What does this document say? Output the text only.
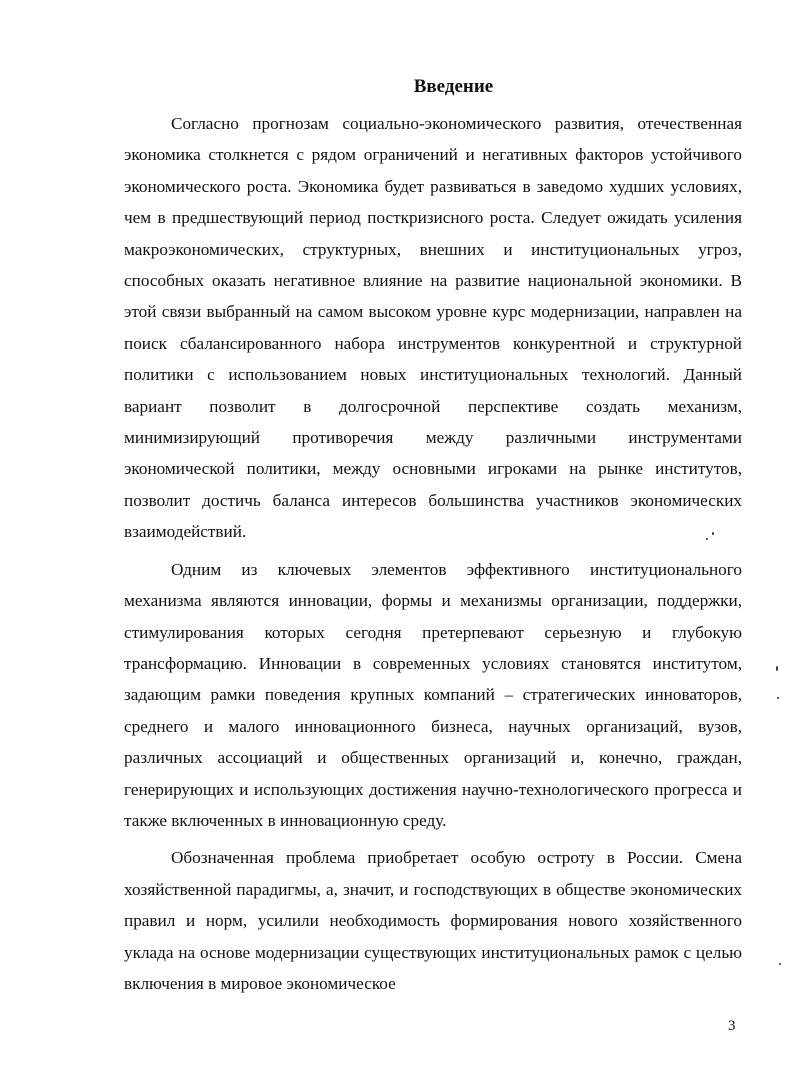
Введение

Согласно прогнозам социально-экономического развития, отечественная экономика столкнется с рядом ограничений и негативных факторов устойчивого экономического роста. Экономика будет развиваться в заведомо худших условиях, чем в предшествующий период посткризисного роста. Следует ожидать усиления макроэкономических, структурных, внешних и институциональных угроз, способных оказать негативное влияние на развитие национальной экономики. В этой связи выбранный на самом высоком уровне курс модернизации, направлен на поиск сбалансированного набора инструментов конкурентной и структурной политики с использованием новых институциональных технологий. Данный вариант позволит в долгосрочной перспективе создать механизм, минимизирующий противоречия между различными инструментами экономической политики, между основными игроками на рынке институтов, позволит достичь баланса интересов большинства участников экономических взаимодействий.

Одним из ключевых элементов эффективного институционального механизма являются инновации, формы и механизмы организации, поддержки, стимулирования которых сегодня претерпевают серьезную и глубокую трансформацию. Инновации в современных условиях становятся институтом, задающим рамки поведения крупных компаний – стратегических инноваторов, среднего и малого инновационного бизнеса, научных организаций, вузов, различных ассоциаций и общественных организаций и, конечно, граждан, генерирующих и использующих достижения научно-технологического прогресса и также включенных в инновационную среду.

Обозначенная проблема приобретает особую остроту в России. Смена хозяйственной парадигмы, а, значит, и господствующих в обществе экономических правил и норм, усилили необходимость формирования нового хозяйственного уклада на основе модернизации существующих институциональных рамок с целью включения в мировое экономическое

3
